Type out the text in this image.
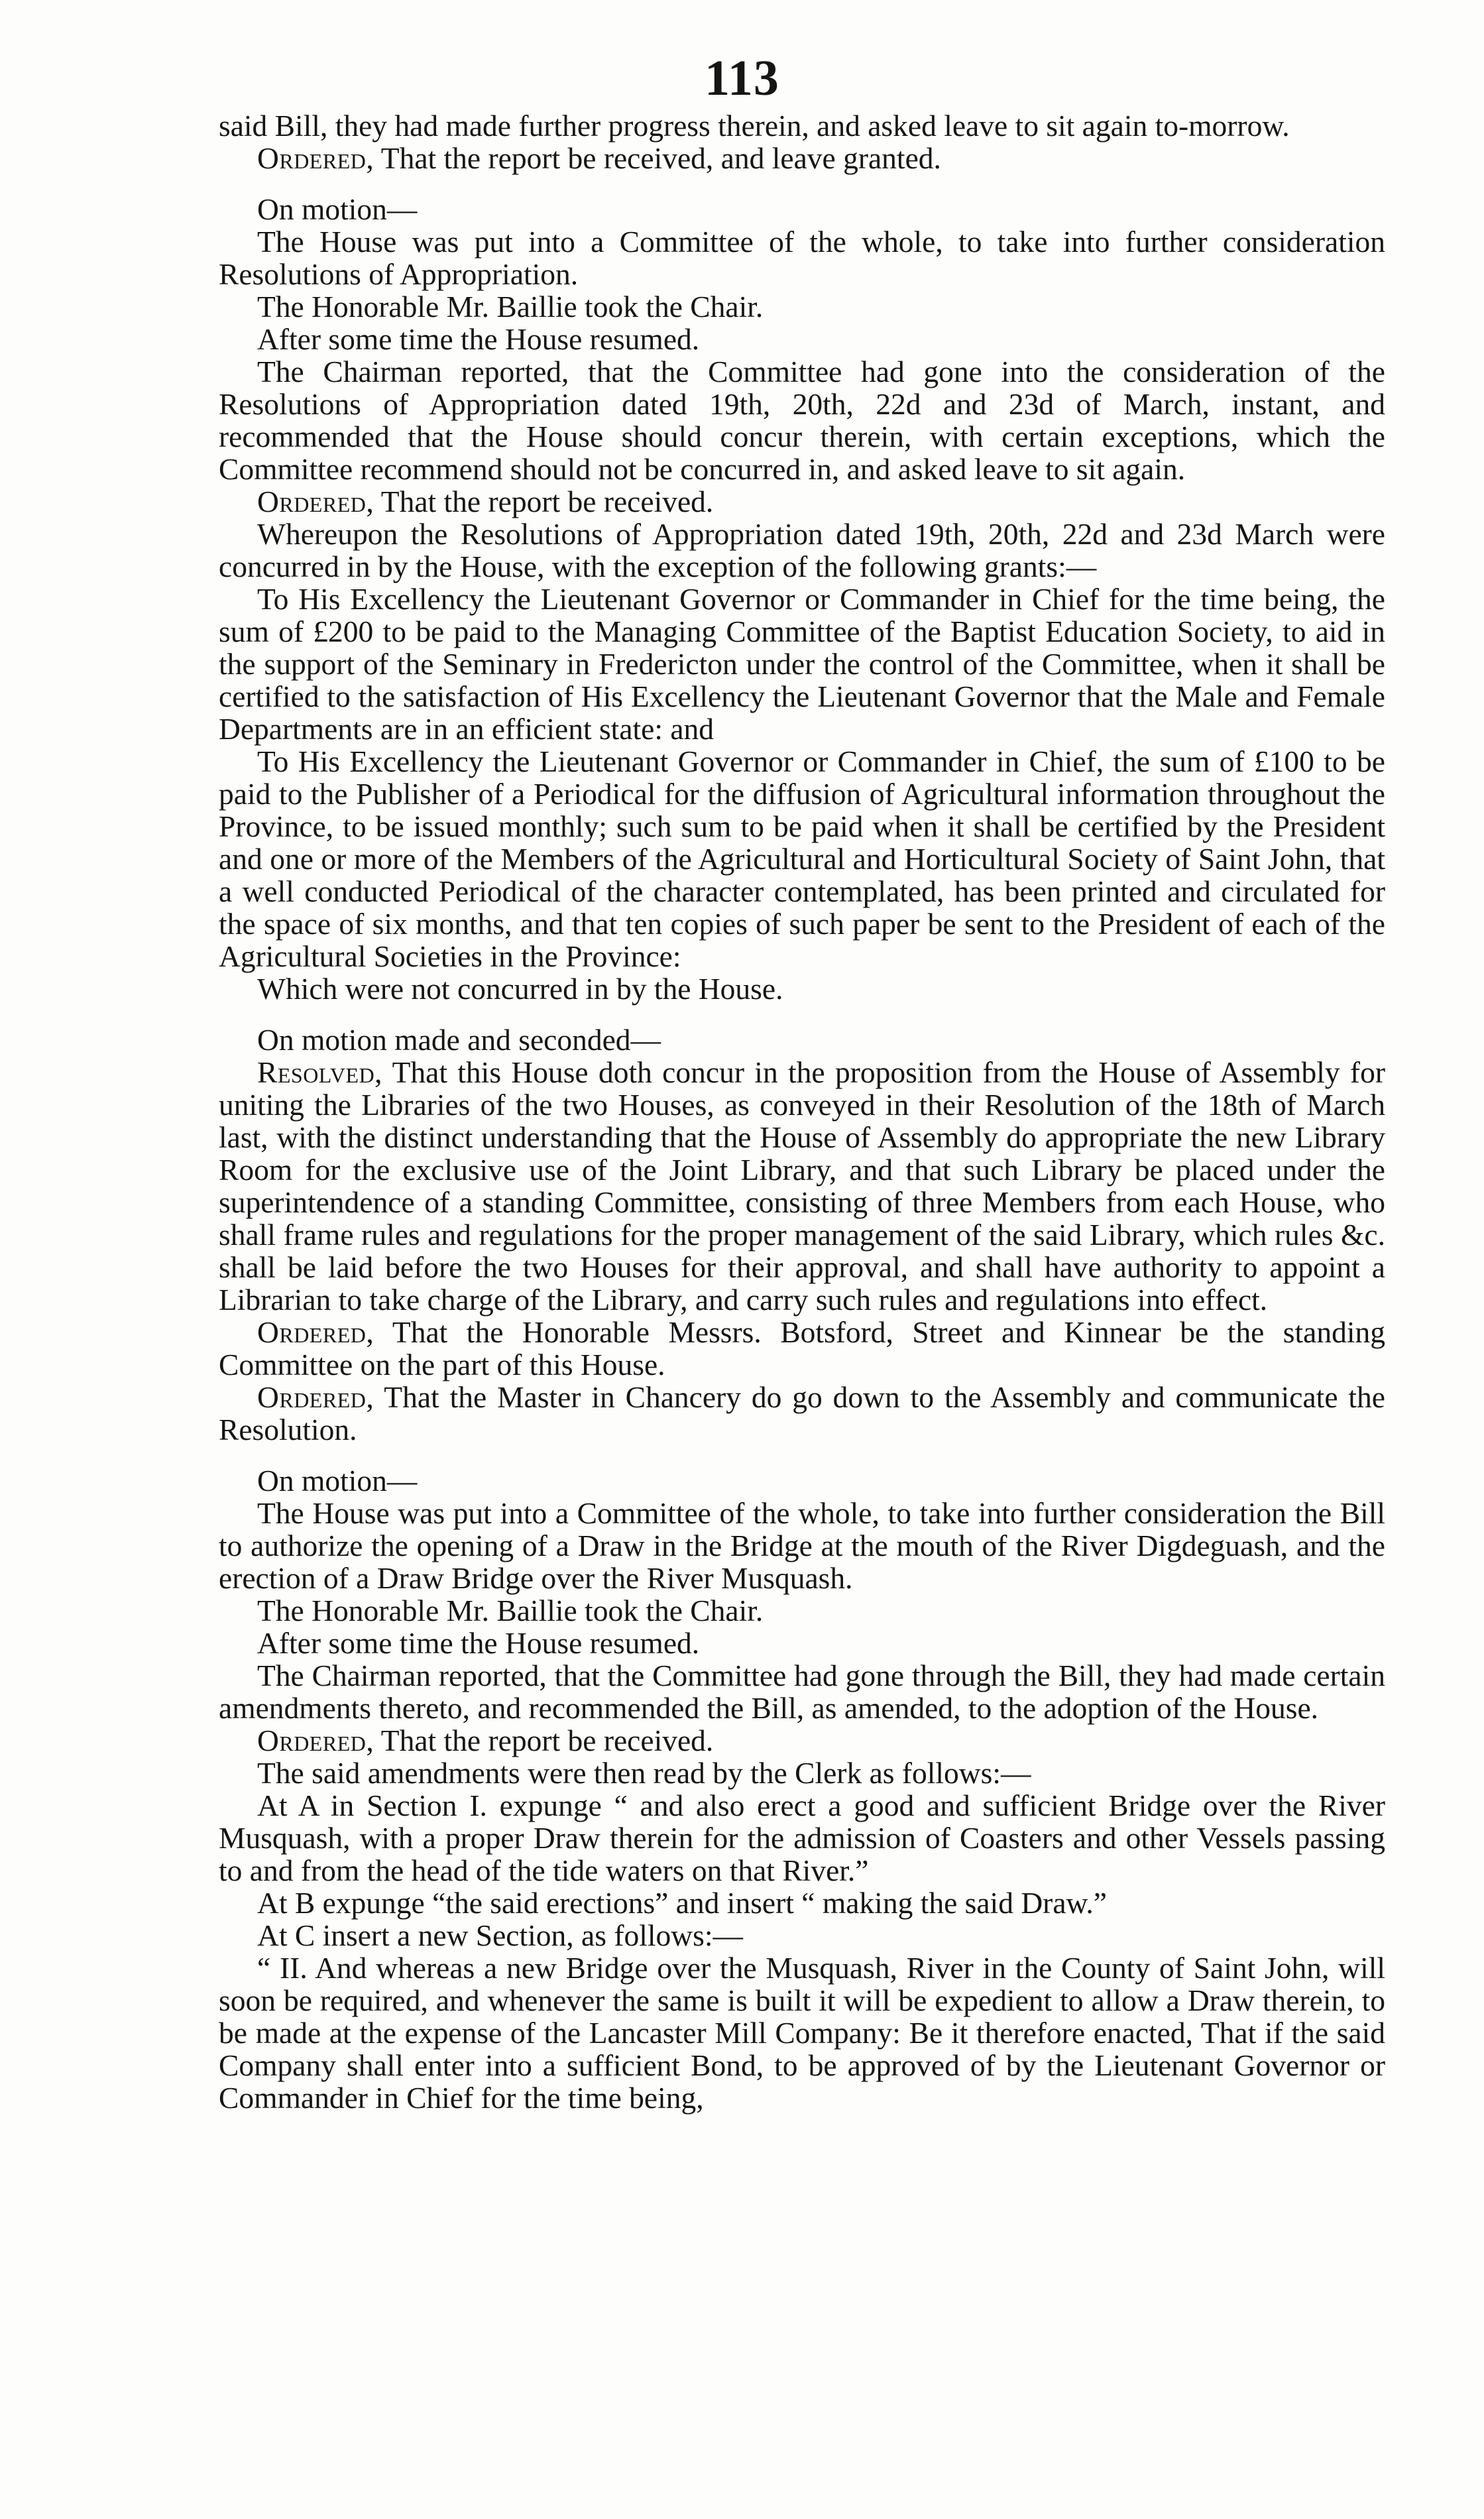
113

said Bill, they had made further progress therein, and asked leave to sit again to-morrow.

Ordered, That the report be received, and leave granted.

On motion—

The House was put into a Committee of the whole, to take into further consideration Resolutions of Appropriation.

The Honorable Mr. Baillie took the Chair.

After some time the House resumed.

The Chairman reported, that the Committee had gone into the consideration of the Resolutions of Appropriation dated 19th, 20th, 22d and 23d of March, instant, and recommended that the House should concur therein, with certain exceptions, which the Committee recommend should not be concurred in, and asked leave to sit again.

Ordered, That the report be received.

Whereupon the Resolutions of Appropriation dated 19th, 20th, 22d and 23d March were concurred in by the House, with the exception of the following grants:—

To His Excellency the Lieutenant Governor or Commander in Chief for the time being, the sum of £200 to be paid to the Managing Committee of the Baptist Education Society, to aid in the support of the Seminary in Fredericton under the control of the Committee, when it shall be certified to the satisfaction of His Excellency the Lieutenant Governor that the Male and Female Departments are in an efficient state: and

To His Excellency the Lieutenant Governor or Commander in Chief, the sum of £100 to be paid to the Publisher of a Periodical for the diffusion of Agricultural information throughout the Province, to be issued monthly; such sum to be paid when it shall be certified by the President and one or more of the Members of the Agricultural and Horticultural Society of Saint John, that a well conducted Periodical of the character contemplated, has been printed and circulated for the space of six months, and that ten copies of such paper be sent to the President of each of the Agricultural Societies in the Province:

Which were not concurred in by the House.

On motion made and seconded—

Resolved, That this House doth concur in the proposition from the House of Assembly for uniting the Libraries of the two Houses, as conveyed in their Resolution of the 18th of March last, with the distinct understanding that the House of Assembly do appropriate the new Library Room for the exclusive use of the Joint Library, and that such Library be placed under the superintendence of a standing Committee, consisting of three Members from each House, who shall frame rules and regulations for the proper management of the said Library, which rules &c. shall be laid before the two Houses for their approval, and shall have authority to appoint a Librarian to take charge of the Library, and carry such rules and regulations into effect.

Ordered, That the Honorable Messrs. Botsford, Street and Kinnear be the standing Committee on the part of this House.

Ordered, That the Master in Chancery do go down to the Assembly and communicate the Resolution.

On motion—

The House was put into a Committee of the whole, to take into further consideration the Bill to authorize the opening of a Draw in the Bridge at the mouth of the River Digdeguash, and the erection of a Draw Bridge over the River Musquash.

The Honorable Mr. Baillie took the Chair.

After some time the House resumed.

The Chairman reported, that the Committee had gone through the Bill, they had made certain amendments thereto, and recommended the Bill, as amended, to the adoption of the House.

Ordered, That the report be received.

The said amendments were then read by the Clerk as follows:—

At A in Section I. expunge “ and also erect a good and sufficient Bridge over the River Musquash, with a proper Draw therein for the admission of Coasters and other Vessels passing to and from the head of the tide waters on that River.”

At B expunge “the said erections” and insert “ making the said Draw.”

At C insert a new Section, as follows:—

“ II. And whereas a new Bridge over the Musquash, River in the County of Saint John, will soon be required, and whenever the same is built it will be expedient to allow a Draw therein, to be made at the expense of the Lancaster Mill Company: Be it therefore enacted, That if the said Company shall enter into a sufficient Bond, to be approved of by the Lieutenant Governor or Commander in Chief for the time being,
